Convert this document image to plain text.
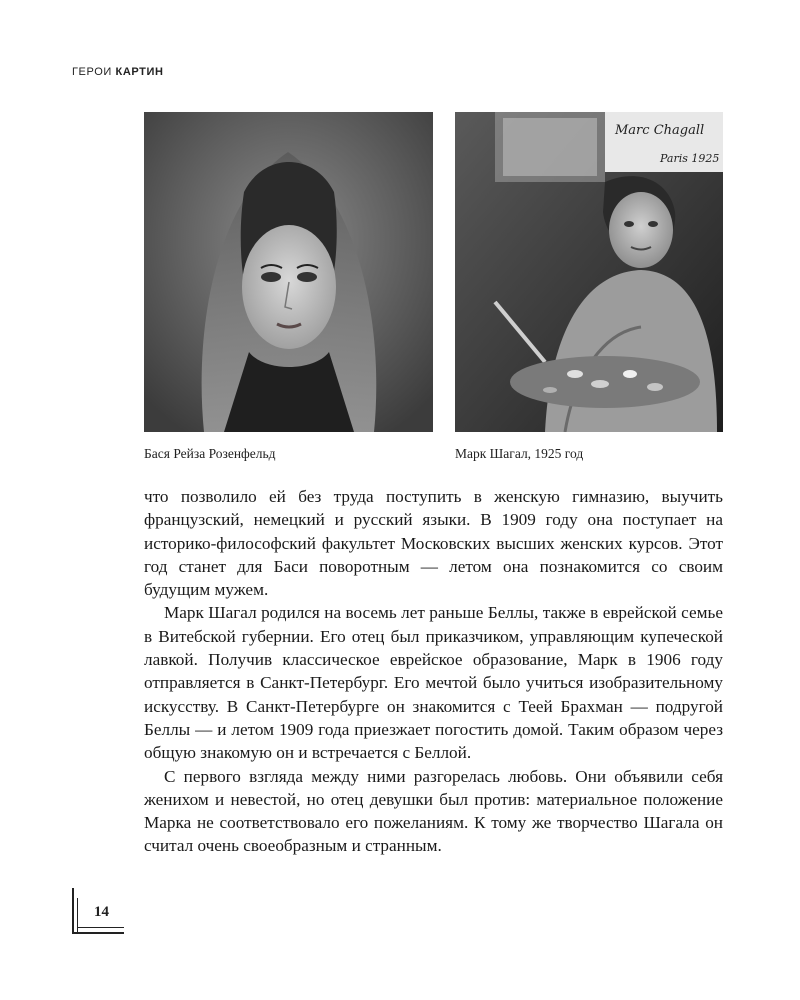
ГЕРОИ КАРТИН
Marc Chagall
Paris 1925
Бася Рейза Розенфельд	Марк Шагал, 1925 год

что позволило ей без труда поступить в женскую гимназию, выучить французский, немецкий и русский языки. В 1909 году она поступает на историко-философский факультет Московских высших женских курсов. Этот год станет для Баси поворотным — летом она познакомится со своим будущим мужем.

Марк Шагал родился на восемь лет раньше Беллы, также в еврейской семье в Витебской губернии. Его отец был приказчиком, управляющим купеческой лавкой. Получив классическое еврейское образование, Марк в 1906 году отправляется в Санкт-Петербург. Его мечтой было учиться изобразительному искусству. В Санкт-Петербурге он знакомится с Теей Брахман — подругой Беллы — и летом 1909 года приезжает погостить домой. Таким образом через общую знакомую он и встречается с Беллой.

С первого взгляда между ними разгорелась любовь. Они объявили себя женихом и невестой, но отец девушки был против: материальное положение Марка не соответствовало его пожеланиям. К тому же творчество Шагала он считал очень своеобразным и странным.

14
